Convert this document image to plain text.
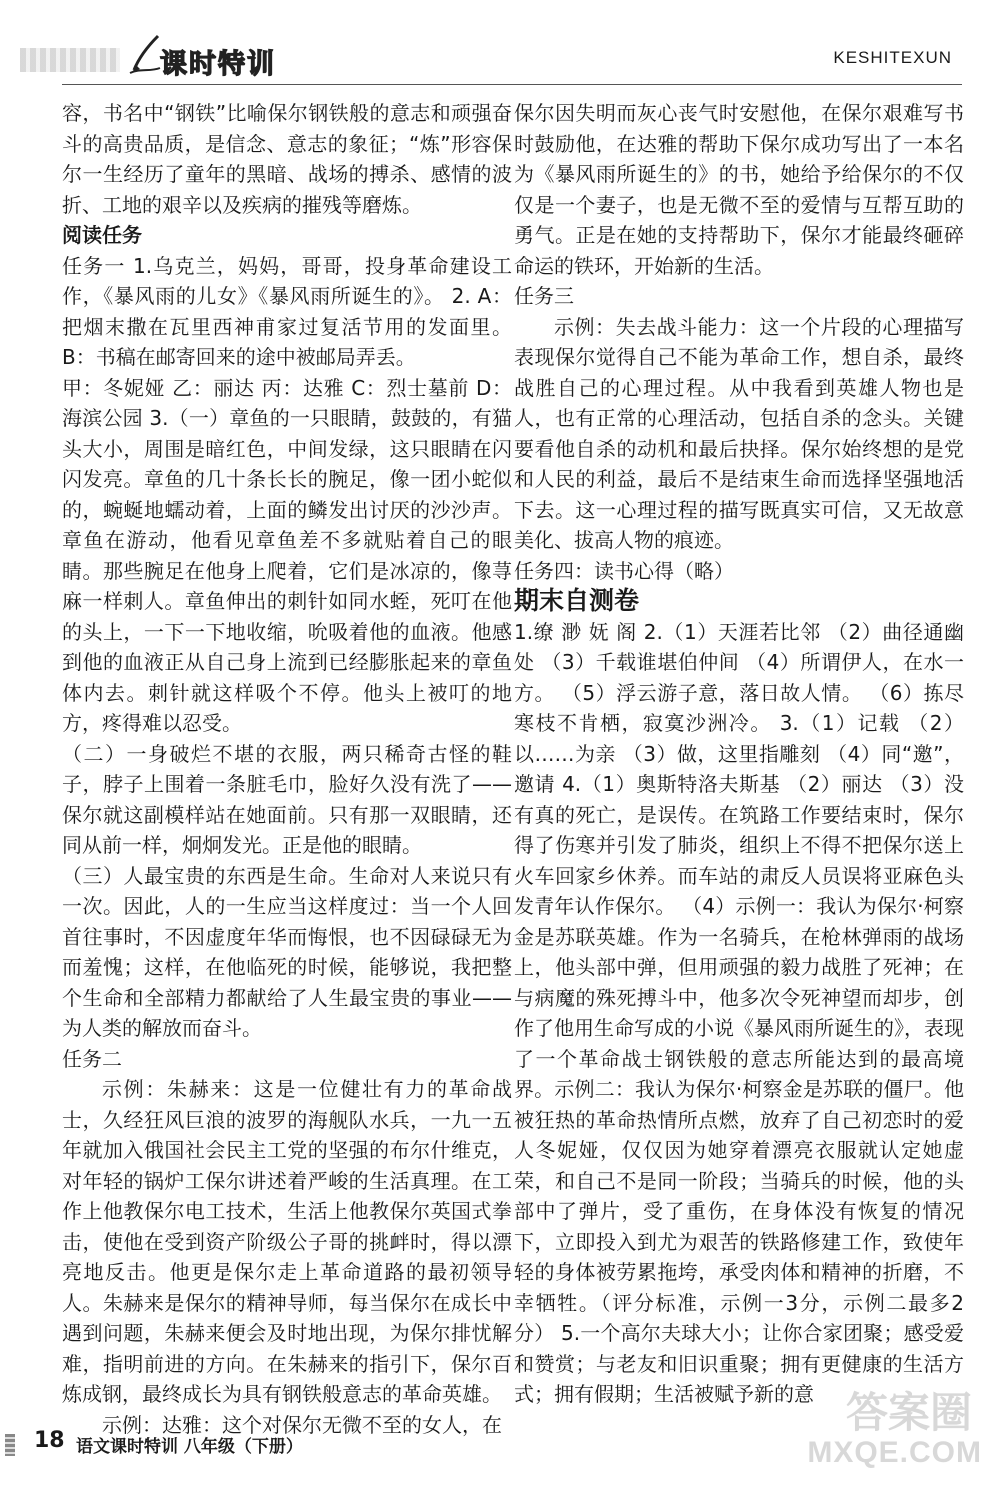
课时特训	KESHITEXUN

容，书名中“钢铁”比喻保尔钢铁般的意志和顽强奋斗的高贵品质，是信念、意志的象征；“炼”形容保尔一生经历了童年的黑暗、战场的搏杀、感情的波折、工地的艰辛以及疾病的摧残等磨炼。

阅读任务

任务一 1.乌克兰，妈妈，哥哥，投身革命建设工作，《暴风雨的儿女》《暴风雨所诞生的》。 2. A：把烟末撒在瓦里西神甫家过复活节用的发面里。B：书稿在邮寄回来的途中被邮局弄丢。

甲：冬妮娅 乙：丽达 丙：达雅 C：烈士墓前 D：海滨公园 3.（一）章鱼的一只眼睛，鼓鼓的，有猫头大小，周围是暗红色，中间发绿，这只眼睛在闪闪发亮。章鱼的几十条长长的腕足，像一团小蛇似的，蜿蜒地蠕动着，上面的鳞发出讨厌的沙沙声。章鱼在游动，他看见章鱼差不多就贴着自己的眼睛。那些腕足在他身上爬着，它们是冰凉的，像荨麻一样刺人。章鱼伸出的刺针如同水蛭，死叮在他的头上，一下一下地收缩，吮吸着他的血液。他感到他的血液正从自己身上流到已经膨胀起来的章鱼体内去。刺针就这样吸个不停。他头上被叮的地方，疼得难以忍受。

（二）一身破烂不堪的衣服，两只稀奇古怪的鞋子，脖子上围着一条脏毛巾，脸好久没有洗了——保尔就这副模样站在她面前。只有那一双眼睛，还同从前一样，炯炯发光。正是他的眼睛。

（三）人最宝贵的东西是生命。生命对人来说只有一次。因此，人的一生应当这样度过：当一个人回首往事时，不因虚度年华而悔恨，也不因碌碌无为而羞愧；这样，在他临死的时候，能够说，我把整个生命和全部精力都献给了人生最宝贵的事业——为人类的解放而奋斗。

任务二

示例：朱赫来：这是一位健壮有力的革命战士，久经狂风巨浪的波罗的海舰队水兵，一九一五年就加入俄国社会民主工党的坚强的布尔什维克，对年轻的锅炉工保尔讲述着严峻的生活真理。在工作上他教保尔电工技术，生活上他教保尔英国式拳击，使他在受到资产阶级公子哥的挑衅时，得以漂亮地反击。他更是保尔走上革命道路的最初领导人。朱赫来是保尔的精神导师，每当保尔在成长中遇到问题，朱赫来便会及时地出现，为保尔排忧解难，指明前进的方向。在朱赫来的指引下，保尔百炼成钢，最终成长为具有钢铁般意志的革命英雄。

示例：达雅：这个对保尔无微不至的女人，在

保尔因失明而灰心丧气时安慰他，在保尔艰难写书时鼓励他，在达雅的帮助下保尔成功写出了一本名为《暴风雨所诞生的》的书，她给予给保尔的不仅仅是一个妻子，也是无微不至的爱情与互帮互助的勇气。正是在她的支持帮助下，保尔才能最终砸碎命运的铁环，开始新的生活。

任务三

示例：失去战斗能力：这一个片段的心理描写表现保尔觉得自己不能为革命工作，想自杀，最终战胜自己的心理过程。从中我看到英雄人物也是人，也有正常的心理活动，包括自杀的念头。关键要看他自杀的动机和最后抉择。保尔始终想的是党和人民的利益，最后不是结束生命而选择坚强地活下去。这一心理过程的描写既真实可信，又无故意美化、拔高人物的痕迹。

任务四：读书心得（略）

期末自测卷

1.缭 渺 妩 阁 2.（1）天涯若比邻 （2）曲径通幽处 （3）千载谁堪伯仲间 （4）所谓伊人，在水一方。 （5）浮云游子意，落日故人情。 （6）拣尽寒枝不肯栖，寂寞沙洲冷。 3.（1）记载 （2）以……为亲 （3）做，这里指雕刻 （4）同“邀”，邀请 4.（1）奥斯特洛夫斯基 （2）丽达 （3）没有真的死亡，是误传。在筑路工作要结束时，保尔得了伤寒并引发了肺炎，组织上不得不把保尔送上火车回家乡休养。而车站的肃反人员误将亚麻色头发青年认作保尔。 （4）示例一：我认为保尔·柯察金是苏联英雄。作为一名骑兵，在枪林弹雨的战场上，他头部中弹，但用顽强的毅力战胜了死神；在与病魔的殊死搏斗中，他多次令死神望而却步，创作了他用生命写成的小说《暴风雨所诞生的》，表现了一个革命战士钢铁般的意志所能达到的最高境界。示例二：我认为保尔·柯察金是苏联的僵尸。他被狂热的革命热情所点燃，放弃了自己初恋时的爱人冬妮娅，仅仅因为她穿着漂亮衣服就认定她虚荣，和自己不是同一阶段；当骑兵的时候，他的头部中了弹片，受了重伤，在身体没有恢复的情况下，立即投入到尤为艰苦的铁路修建工作，致使年轻的身体被劳累拖垮，承受肉体和精神的折磨，不幸牺牲。（评分标准，示例一3分，示例二最多2分） 5.一个高尔夫球大小；让你合家团聚；感受爱和赞赏；与老友和旧识重聚；拥有更健康的生活方式；拥有假期；生活被赋予新的意

18 语文课时特训 八年级（下册）
答案圈
MXQE.COM
